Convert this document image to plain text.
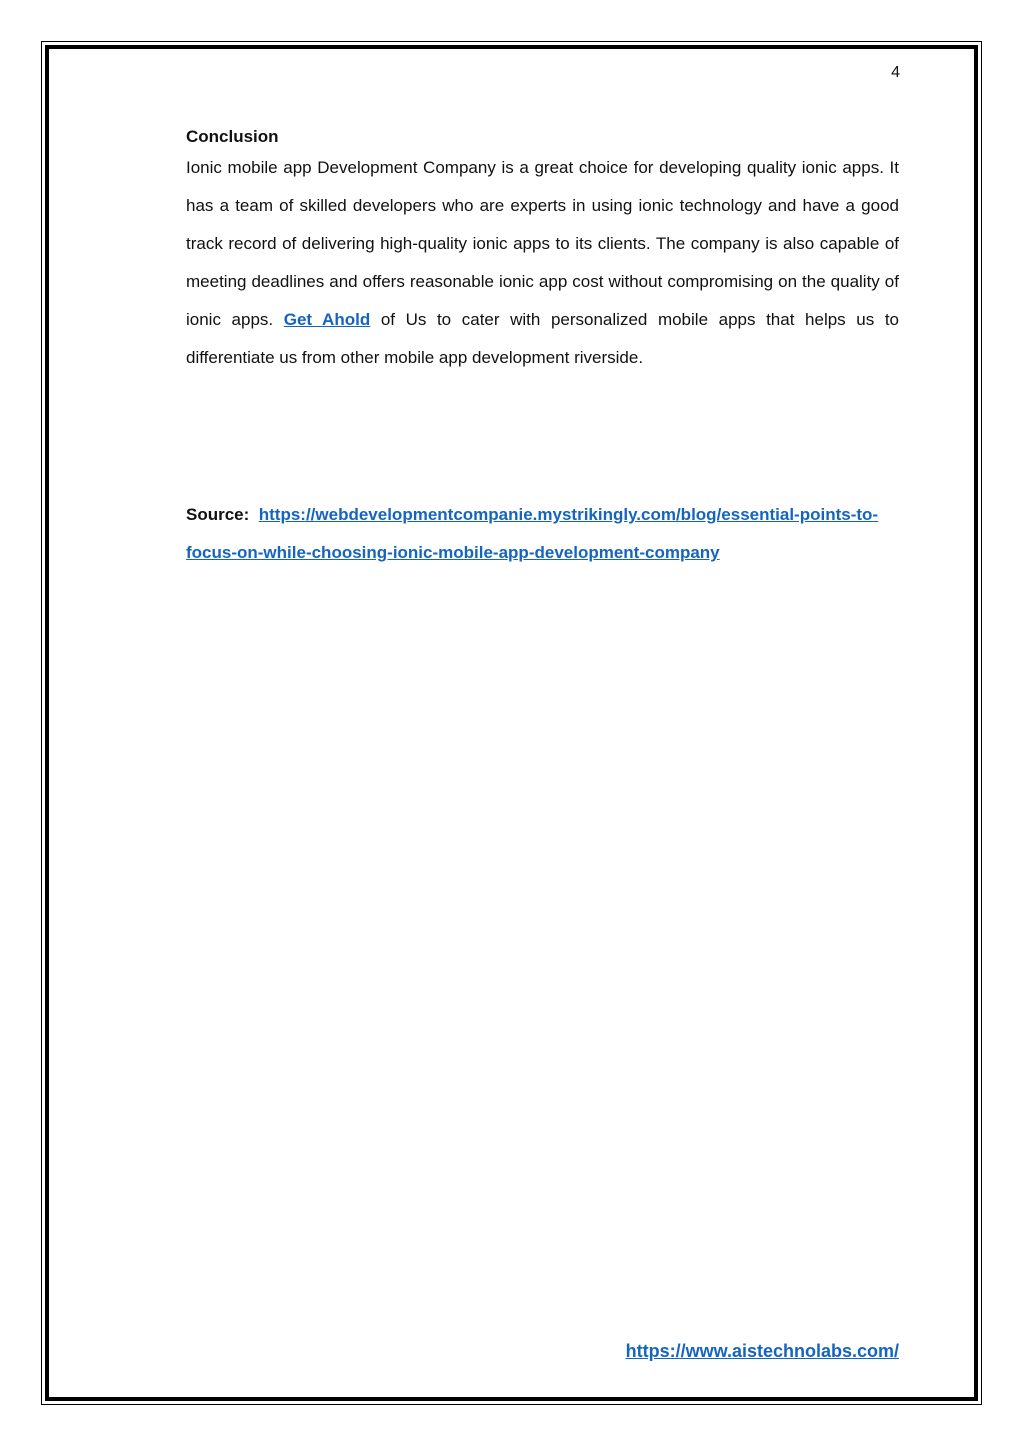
4
Conclusion

Ionic mobile app Development Company is a great choice for developing quality ionic apps. It has a team of skilled developers who are experts in using ionic technology and have a good track record of delivering high-quality ionic apps to its clients. The company is also capable of meeting deadlines and offers reasonable ionic app cost without compromising on the quality of ionic apps. Get Ahold of Us to cater with personalized mobile apps that helps us to differentiate us from other mobile app development riverside.

Source: https://webdevelopmentcompanie.mystrikingly.com/blog/essential-points-to-focus-on-while-choosing-ionic-mobile-app-development-company
https://www.aistechnolabs.com/
